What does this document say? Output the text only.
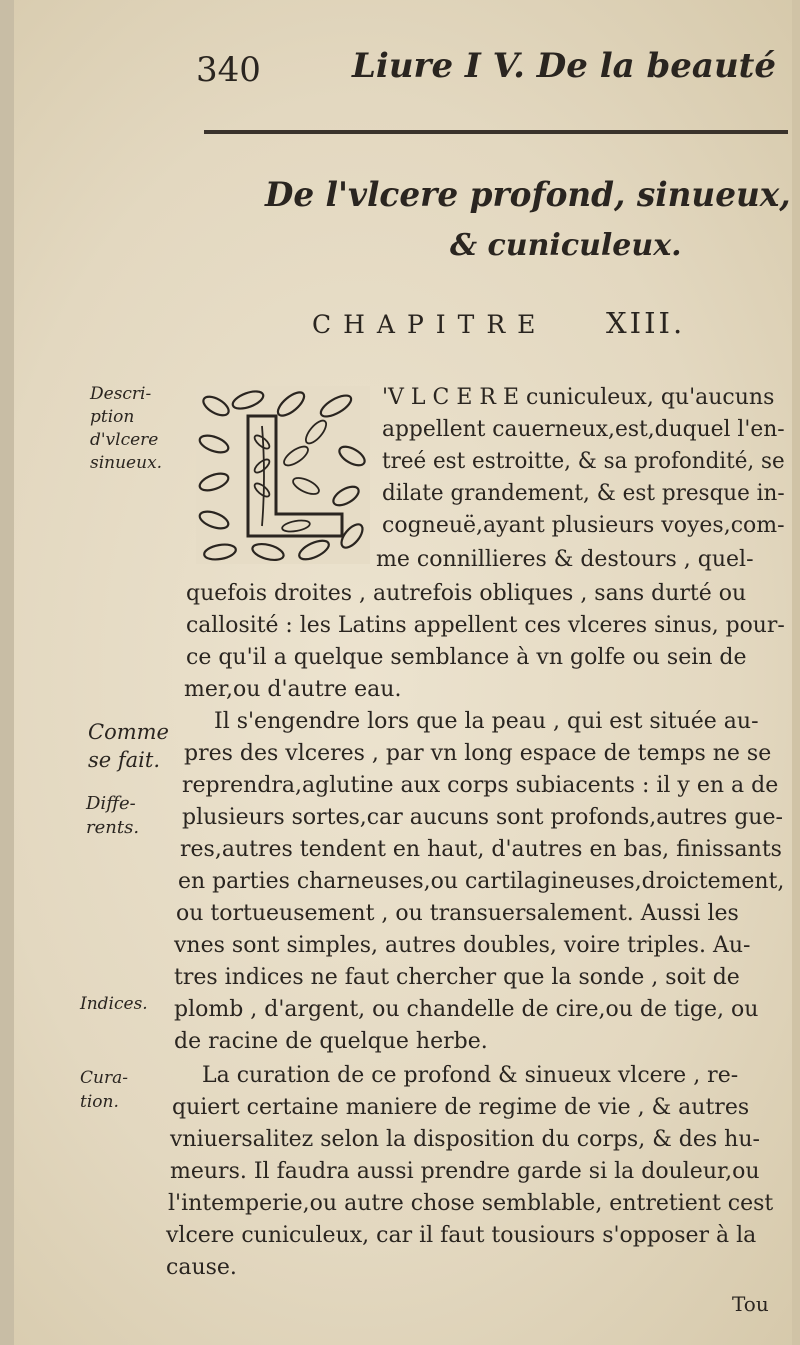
340	Liure I V. De la beauté
De l'vlcere profond, sinueux,
& cuniculeux.
CHAPITRE XIII.
Descri-
ption
d'vlcere
sinueux.
Comme
se fait.
Diffe-
rents.
Indices.
Cura-
tion.
'V L C E R E cuniculeux, qu'aucuns
appellent cauerneux,est,duquel l'en-
treé est estroitte, & sa profondité, se
dilate grandement, & est presque in-
cogneuë,ayant plusieurs voyes,com-
me connillieres & destours , quel-
quefois droites , autrefois obliques , sans durté ou
callosité : les Latins appellent ces vlceres sinus, pour-
ce qu'il a quelque semblance à vn golfe ou sein de
mer,ou d'autre eau.
Il s'engendre lors que la peau , qui est située au-
pres des vlceres , par vn long espace de temps ne se
reprendra,aglutine aux corps subiacents : il y en a de
plusieurs sortes,car aucuns sont profonds,autres gue-
res,autres tendent en haut, d'autres en bas, finissants
en parties charneuses,ou cartilagineuses,droictement,
ou tortueusement , ou transuersalement. Aussi les
vnes sont simples, autres doubles, voire triples. Au-
tres indices ne faut chercher que la sonde , soit de
plomb , d'argent, ou chandelle de cire,ou de tige, ou
de racine de quelque herbe.
La curation de ce profond & sinueux vlcere , re-
quiert certaine maniere de regime de vie , & autres
vniuersalitez selon la disposition du corps, & des hu-
meurs. Il faudra aussi prendre garde si la douleur,ou
l'intemperie,ou autre chose semblable, entretient cest
vlcere cuniculeux, car il faut tousiours s'opposer à la
cause.
Tou
